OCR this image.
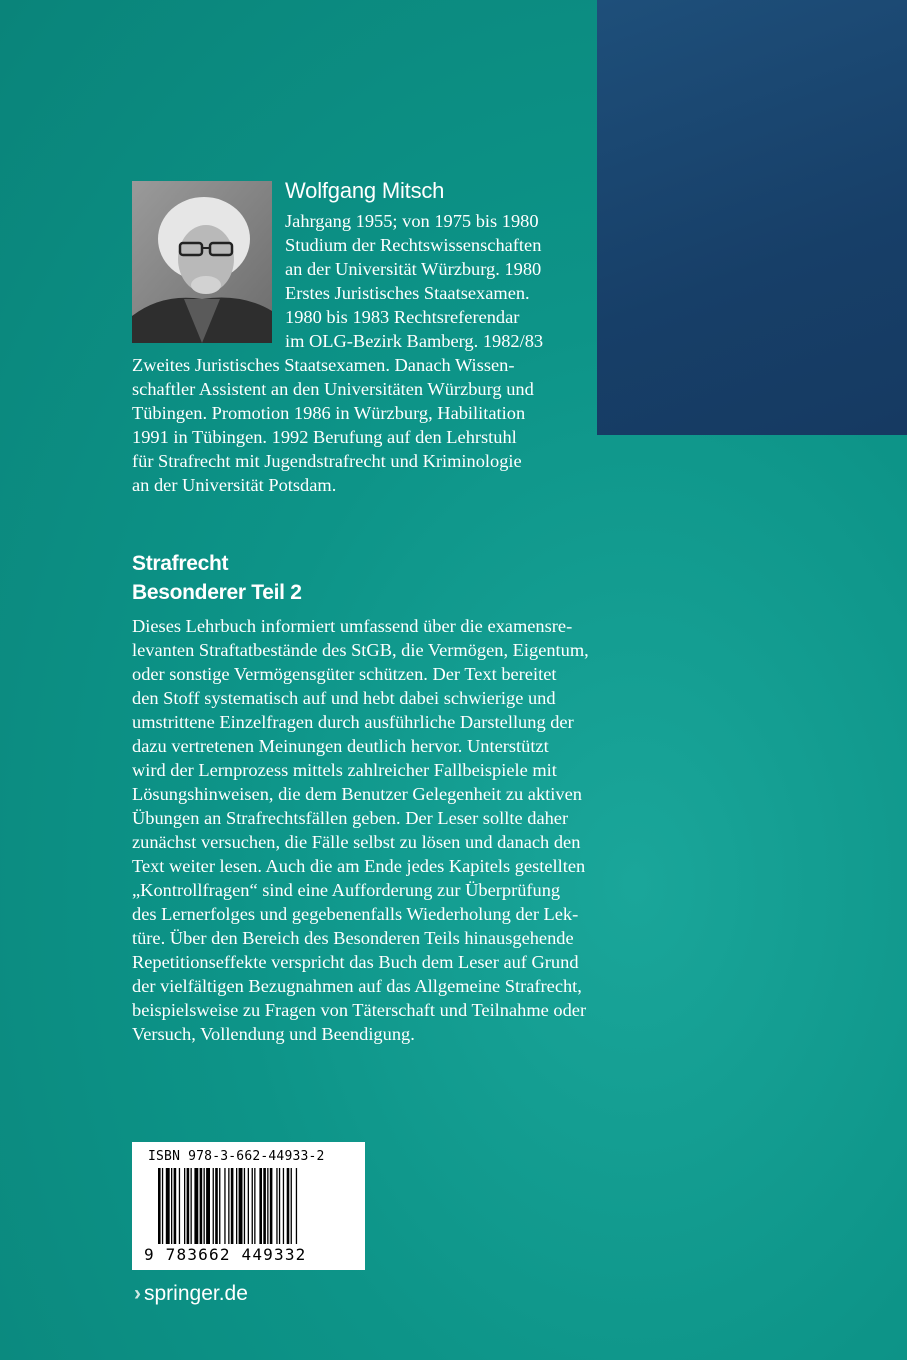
Wolfgang Mitsch
Jahrgang 1955; von 1975 bis 1980
Studium der Rechtswissenschaften
an der Universität Würzburg. 1980
Erstes Juristisches Staatsexamen.
1980 bis 1983 Rechtsreferendar
im OLG-Bezirk Bamberg. 1982/83
Zweites Juristisches Staatsexamen. Danach Wissen-
schaftler Assistent an den Universitäten Würzburg und
Tübingen. Promotion 1986 in Würzburg, Habilitation
1991 in Tübingen. 1992 Berufung auf den Lehrstuhl
für Strafrecht mit Jugendstrafrecht und Kriminologie
an der Universität Potsdam.
Strafrecht
Besonderer Teil 2
Dieses Lehrbuch informiert umfassend über die examensre-
levanten Straftatbestände des StGB, die Vermögen, Eigentum,
oder sonstige Vermögensgüter schützen. Der Text bereitet
den Stoff systematisch auf und hebt dabei schwierige und
umstrittene Einzelfragen durch ausführliche Darstellung der
dazu vertretenen Meinungen deutlich hervor. Unterstützt
wird der Lernprozess mittels zahlreicher Fallbeispiele mit
Lösungshinweisen, die dem Benutzer Gelegenheit zu aktiven
Übungen an Strafrechtsfällen geben. Der Leser sollte daher
zunächst versuchen, die Fälle selbst zu lösen und danach den
Text weiter lesen. Auch die am Ende jedes Kapitels gestellten
„Kontrollfragen“ sind eine Aufforderung zur Überprüfung
des Lernerfolges und gegebenenfalls Wiederholung der Lek-
türe. Über den Bereich des Besonderen Teils hinausgehende
Repetitionseffekte verspricht das Buch dem Leser auf Grund
der vielfältigen Bezugnahmen auf das Allgemeine Strafrecht,
beispielsweise zu Fragen von Täterschaft und Teilnahme oder
Versuch, Vollendung und Beendigung.
ISBN 978-3-662-44933-2
9 783662 449332
› springer.de
